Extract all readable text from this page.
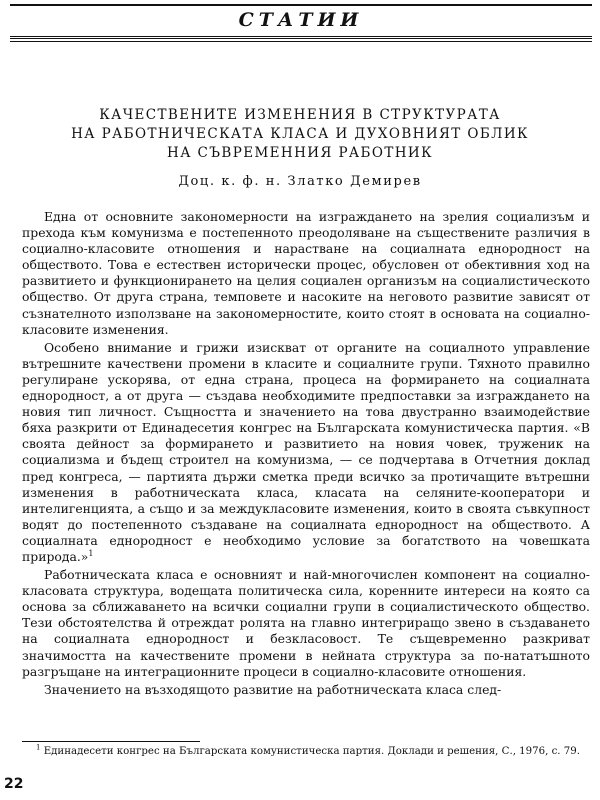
СТАТИИ
КАЧЕСТВЕНИТЕ ИЗМЕНЕНИЯ В СТРУКТУРАТА
НА РАБОТНИЧЕСКАТА КЛАСА И ДУХОВНИЯТ ОБЛИК
НА СЪВРЕМЕННИЯ РАБОТНИК
Доц. к. ф. н. Златко Демирев

Една от основните закономерности на изграждането на зрелия социализъм и прехода към комунизма е постепенното преодоляване на съществените различия в социално-класовите отношения и нарастване на социалната еднородност на обществото. Това е естествен исторически процес, обусловен от обективния ход на развитието и функционирането на целия социален организъм на социалистическото общество. От друга страна, темповете и насоките на неговото развитие зависят от съзнателното използване на закономерностите, които стоят в основата на социално-класовите изменения.

Особено внимание и грижи изискват от органите на социалното управление вътрешните качествени промени в класите и социалните групи. Тяхното правилно регулиране ускорява, от една страна, процеса на формирането на социалната еднородност, а от друга — създава необходимите предпоставки за изграждането на новия тип личност. Същността и значението на това двустранно взаимодействие бяха разкрити от Единадесетия конгрес на Българската комунистическа партия. «В своята дейност за формирането и развитието на новия човек, труженик на социализма и бъдещ строител на комунизма, — се подчертава в Отчетния доклад пред конгреса, — партията държи сметка преди всичко за протичащите вътрешни изменения в работническата класа, класата на селяните-кооператори и интелигенцията, а също и за междукласовите изменения, които в своята съвкупност водят до постепенното създаване на социалната еднородност на обществото. А социалната еднородност е необходимо условие за богатството на човешката природа.»$^1$

Работническата класа е основният и най-многочислен компонент на социално-класовата структура, водещата политическа сила, кореннитe интереси на която са основа за сближаването на всички социални групи в социалистическото общество. Тези обстоятелства й отреждат ролята на главно интегриращо звено в създаването на социалната еднородност и безкласовост. Те същевременно разкриват значимостта на качествените промени в нейната структура за по-нататъшното разгръщане на интеграционните процеси в социално-класовите отношения.

Значението на възходящото развитие на работническата класа след-

$^1$ Единадесети конгрес на Българската комунистическа партия. Доклади и решения, С., 1976, с. 79.
22
